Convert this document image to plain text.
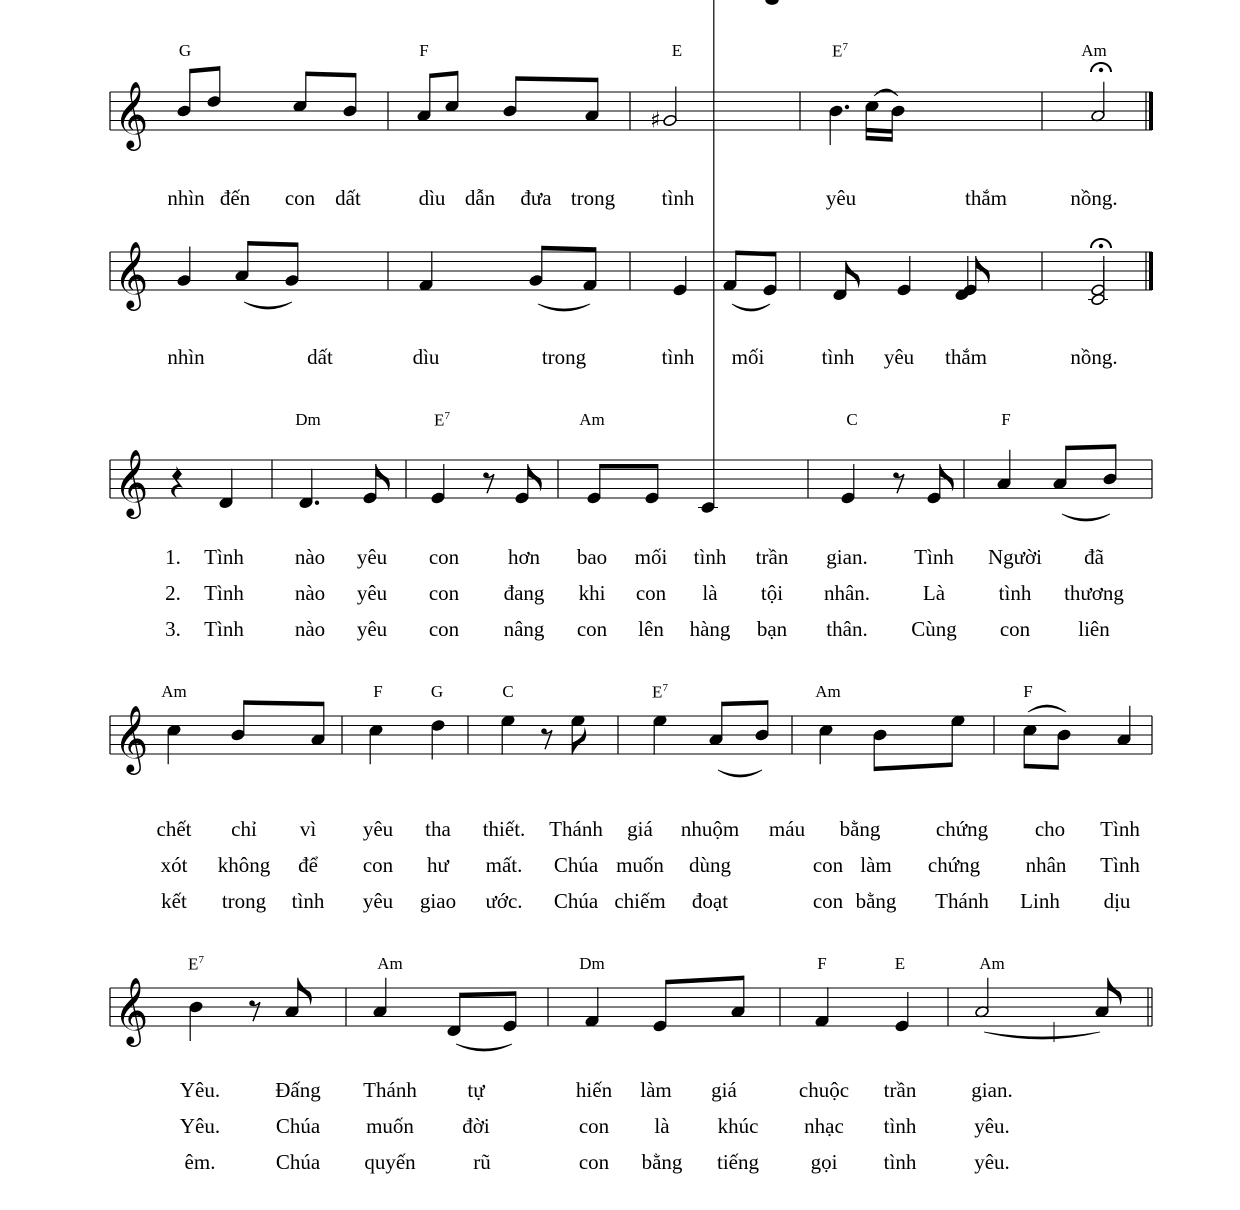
𝄞	♯
𝄞
𝄞
𝄞
𝄞
G	F	E	$E^7$	Am
nhìn đến con dất	dìu dẫn đưa trong tình	yêu	thắm	nồng.
nhìn	dất	dìu	trong	tình mối	tình yêu thắm	nồng.
Dm	$E^7$	Am	C	F
1. Tình nào yêu con hơn bao mối tình trần gian. Tình Người đã
2. Tình nào yêu con đang khi con là tội nhân.	Là	tình thương
3. Tình nào yêu con nâng con lên hàng bạn thân. Cùng con liên
Am	F	G	C	$E^7$	Am	F
chết chỉ vì yêu tha thiết. Thánh giá nhuộm máu bằng	chứng cho Tình
xót không để con hư mất. Chúa muốn dùng	con làm chứng nhân Tình
kết trong tình yêu giao ước. Chúa chiếm đoạt	con bằng Thánh Linh dịu
$E^7$	Am	Dm	F	E	Am
Yêu.	Đấng Thánh tự	hiến làm giá	chuộc trần	gian.
Yêu.	Chúa muốn đời	con là khúc nhạc tình	yêu.
êm.	Chúa quyến	rũ	con bằng tiếng gọi tình	yêu.
